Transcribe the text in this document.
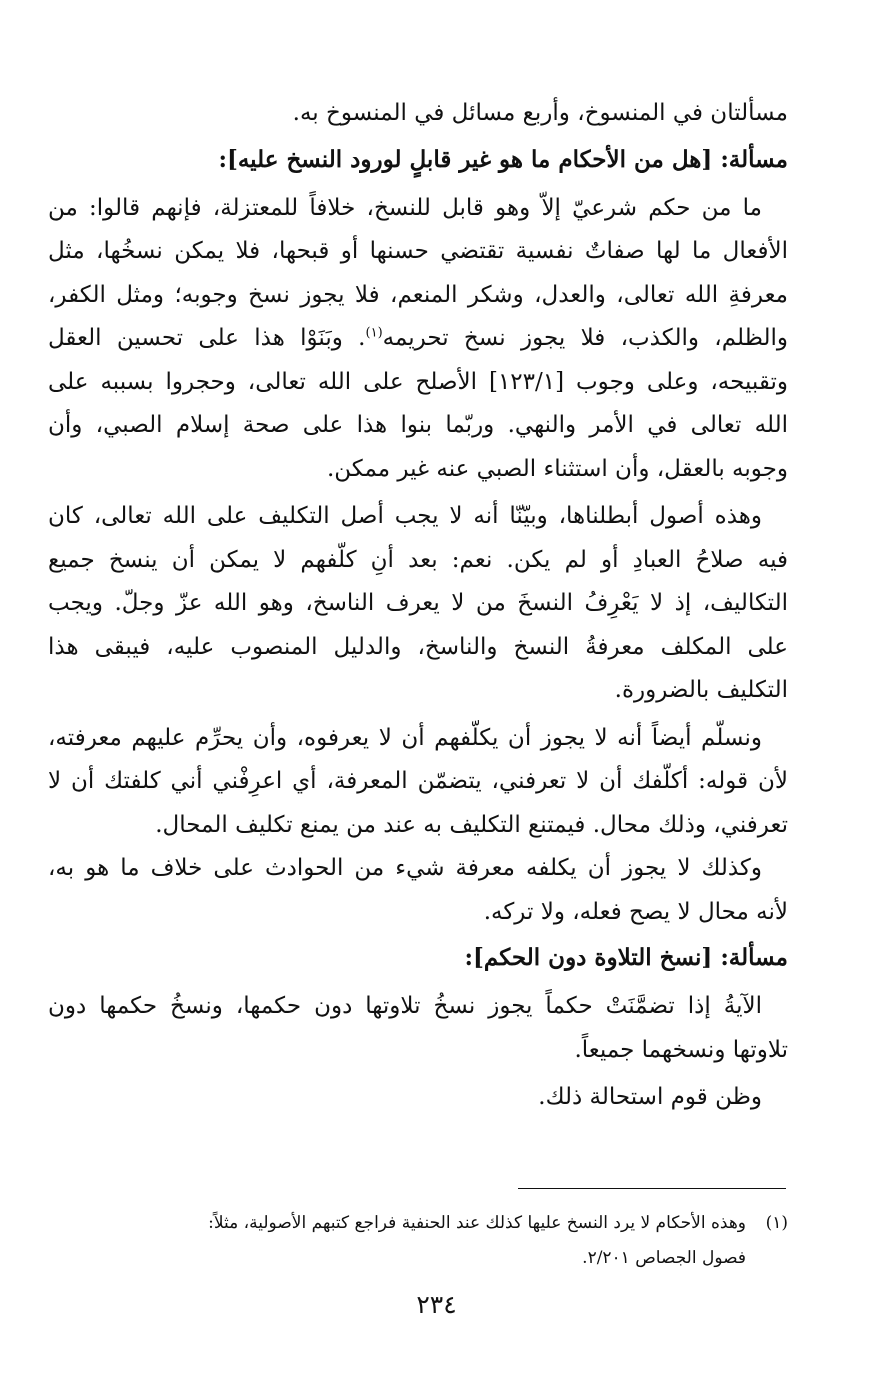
مسألتان في المنسوخ، وأربع مسائل في المنسوخ به.
مسألة: [هل من الأحكام ما هو غير قابلٍ لورود النسخ عليه]:
ما من حكم شرعيّ إلاّ وهو قابل للنسخ، خلافاً للمعتزلة، فإنهم قالوا: من
الأفعال ما لها صفاتٌ نفسية تقتضي حسنها أو قبحها، فلا يمكن نسخُها، مثل
معرفةِ الله تعالى، والعدل، وشكر المنعم، فلا يجوز نسخ وجوبه؛ ومثل الكفر،
والظلم، والكذب، فلا يجوز نسخ تحريمه$^{(١)}$. وبَنَوْا هذا على تحسين العقل
وتقبيحه، وعلى وجوب [١٢٣/١] الأصلح على الله تعالى، وحجروا بسببه على
الله تعالى في الأمر والنهي. وربّما بنوا هذا على صحة إسلام الصبي، وأن
وجوبه بالعقل، وأن استثناء الصبي عنه غير ممكن.
وهذه أصول أبطلناها، وبيّنّا أنه لا يجب أصل التكليف على الله تعالى، كان
فيه صلاحُ العبادِ أو لم يكن. نعم: بعد أنِ كلّفهم لا يمكن أن ينسخ جميع
التكاليف، إذ لا يَعْرِفُ النسخَ من لا يعرف الناسخ، وهو الله عزّ وجلّ. ويجب
على المكلف معرفةُ النسخ والناسخ، والدليل المنصوب عليه، فيبقى هذا
التكليف بالضرورة.
ونسلّم أيضاً أنه لا يجوز أن يكلّفهم أن لا يعرفوه، وأن يحرِّم عليهم معرفته،
لأن قوله: أكلّفك أن لا تعرفني، يتضمّن المعرفة، أي اعرِفْني أني كلفتك أن لا
تعرفني، وذلك محال. فيمتنع التكليف به عند من يمنع تكليف المحال.
وكذلك لا يجوز أن يكلفه معرفة شيء من الحوادث على خلاف ما هو به،
لأنه محال لا يصح فعله، ولا تركه.
مسألة: [نسخ التلاوة دون الحكم]:
الآيةُ إذا تضمَّنَتْ حكماً يجوز نسخُ تلاوتها دون حكمها، ونسخُ حكمها دون
تلاوتها ونسخهما جميعاً.
وظن قوم استحالة ذلك.
(١)وهذه الأحكام لا يرد النسخ عليها كذلك عند الحنفية فراجع كتبهم الأصولية، مثلاً:
فصول الجصاص ٢/٢٠١.
٢٣٤
